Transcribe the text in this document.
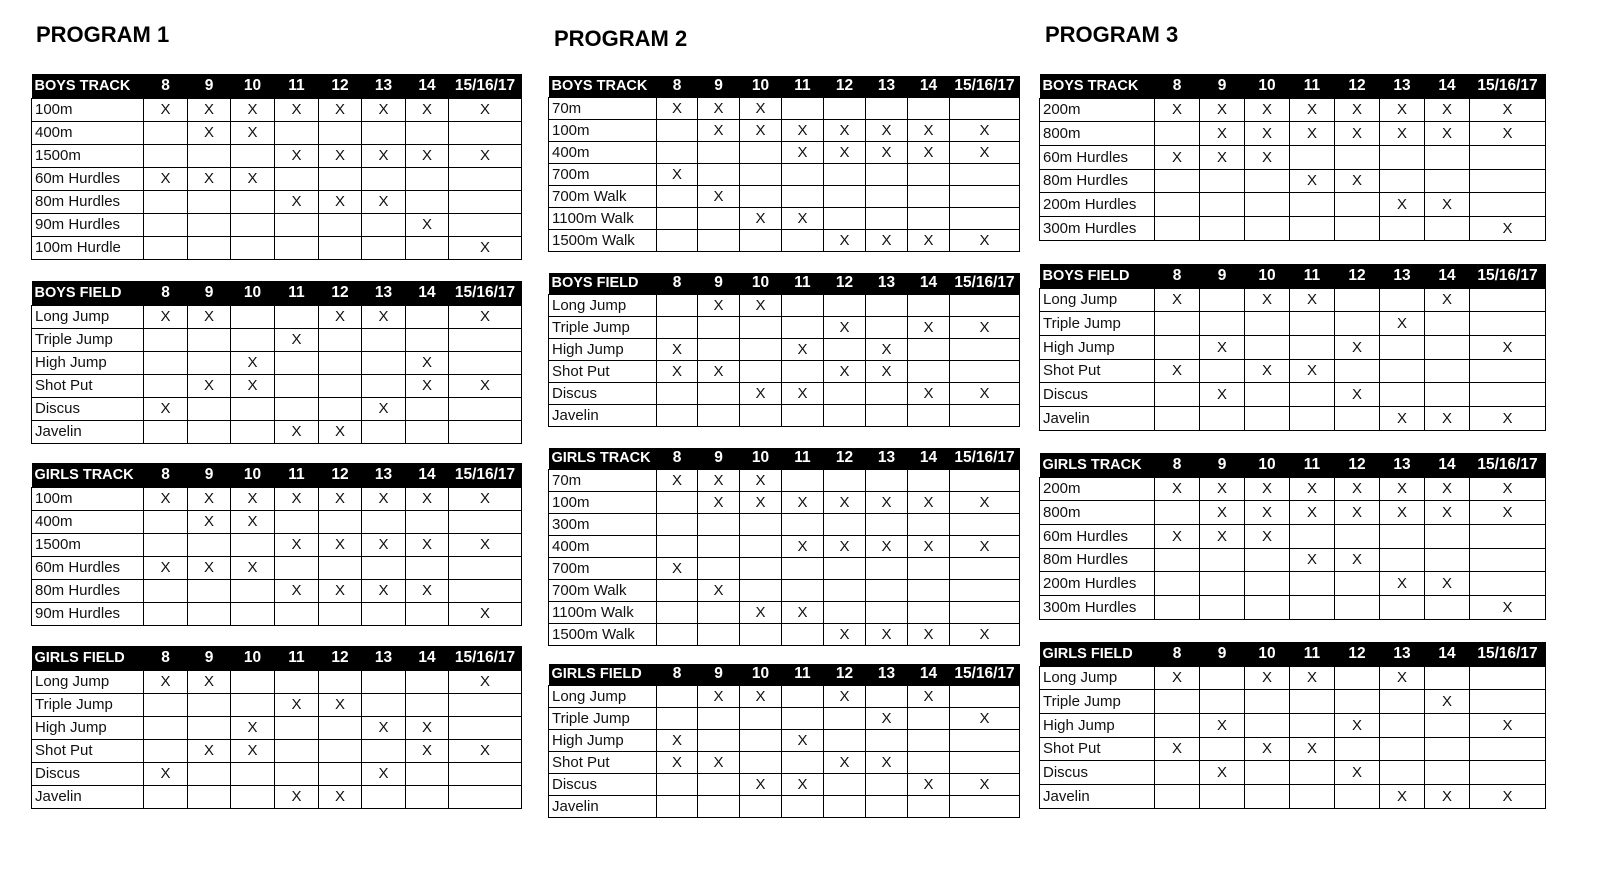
PROGRAM 1
BOYS TRACK	8	9	10	11	12	13	14	15/16/17
100m	X	X	X	X	X	X	X	X
400m		X	X					
1500m				X	X	X	X	X
60m Hurdles	X	X	X					
80m Hurdles				X	X	X		
90m Hurdles							X	
100m Hurdle								X
BOYS FIELD	8	9	10	11	12	13	14	15/16/17
Long Jump	X	X			X	X		X
Triple Jump				X				
High Jump			X				X	
Shot Put		X	X				X	X
Discus	X					X		
Javelin				X	X			
GIRLS TRACK	8	9	10	11	12	13	14	15/16/17
100m	X	X	X	X	X	X	X	X
400m		X	X					
1500m				X	X	X	X	X
60m Hurdles	X	X	X					
80m Hurdles				X	X	X	X	
90m Hurdles								X
GIRLS FIELD	8	9	10	11	12	13	14	15/16/17
Long Jump	X	X						X
Triple Jump				X	X			
High Jump			X			X	X	
Shot Put		X	X				X	X
Discus	X					X		
Javelin				X	X			
PROGRAM 2
BOYS TRACK	8	9	10	11	12	13	14	15/16/17
70m	X	X	X					
100m		X	X	X	X	X	X	X
400m				X	X	X	X	X
700m	X							
700m Walk		X						
1100m Walk			X	X				
1500m Walk					X	X	X	X
BOYS FIELD	8	9	10	11	12	13	14	15/16/17
Long Jump		X	X					
Triple Jump					X		X	X
High Jump	X			X		X		
Shot Put	X	X			X	X		
Discus			X	X			X	X
Javelin								
GIRLS TRACK	8	9	10	11	12	13	14	15/16/17
70m	X	X	X					
100m		X	X	X	X	X	X	X
300m								
400m				X	X	X	X	X
700m	X							
700m Walk		X						
1100m Walk			X	X				
1500m Walk					X	X	X	X
GIRLS FIELD	8	9	10	11	12	13	14	15/16/17
Long Jump		X	X		X		X	
Triple Jump						X		X
High Jump	X			X				
Shot Put	X	X			X	X		
Discus			X	X			X	X
Javelin								
PROGRAM 3
BOYS TRACK	8	9	10	11	12	13	14	15/16/17
200m	X	X	X	X	X	X	X	X
800m		X	X	X	X	X	X	X
60m Hurdles	X	X	X					
80m Hurdles				X	X			
200m Hurdles						X	X	
300m Hurdles								X
BOYS FIELD	8	9	10	11	12	13	14	15/16/17
Long Jump	X		X	X			X	
Triple Jump						X		
High Jump		X			X			X
Shot Put	X		X	X				
Discus		X			X			
Javelin						X	X	X
GIRLS TRACK	8	9	10	11	12	13	14	15/16/17
200m	X	X	X	X	X	X	X	X
800m		X	X	X	X	X	X	X
60m Hurdles	X	X	X					
80m Hurdles				X	X			
200m Hurdles						X	X	
300m Hurdles								X
GIRLS FIELD	8	9	10	11	12	13	14	15/16/17
Long Jump	X		X	X		X		
Triple Jump							X	
High Jump		X			X			X
Shot Put	X		X	X				
Discus		X			X			
Javelin						X	X	X
